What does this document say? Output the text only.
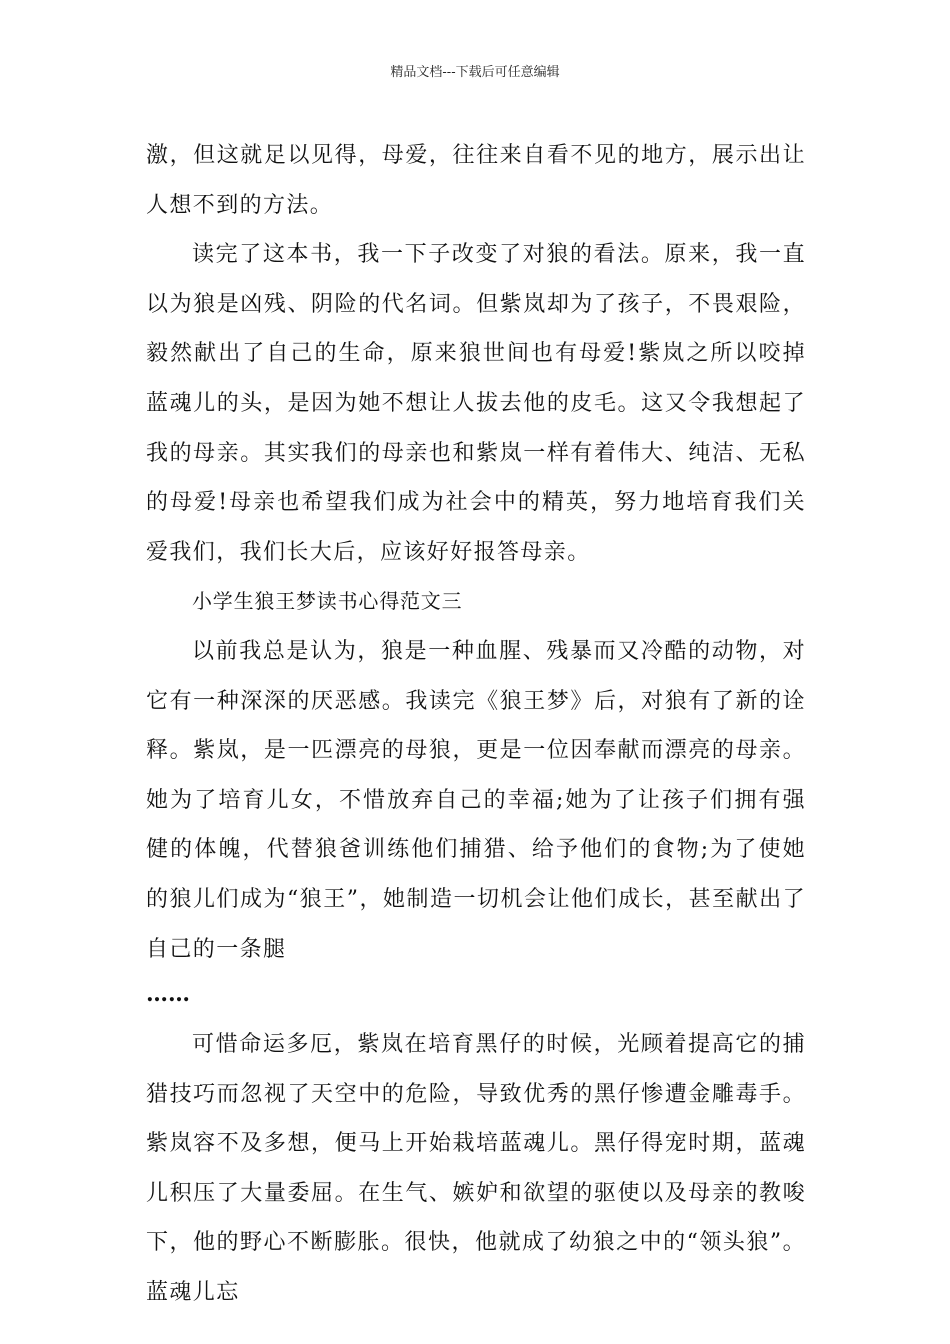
精品文档---下载后可任意编辑

激，但这就足以见得，母爱，往往来自看不见的地方，展示出让人想不到的方法。

读完了这本书，我一下子改变了对狼的看法。原来，我一直以为狼是凶残、阴险的代名词。但紫岚却为了孩子，不畏艰险，毅然献出了自己的生命，原来狼世间也有母爱!紫岚之所以咬掉蓝魂儿的头，是因为她不想让人拔去他的皮毛。这又令我想起了我的母亲。其实我们的母亲也和紫岚一样有着伟大、纯洁、无私的母爱!母亲也希望我们成为社会中的精英，努力地培育我们关爱我们，我们长大后，应该好好报答母亲。

小学生狼王梦读书心得范文三

以前我总是认为，狼是一种血腥、残暴而又冷酷的动物，对它有一种深深的厌恶感。我读完《狼王梦》后，对狼有了新的诠释。紫岚，是一匹漂亮的母狼，更是一位因奉献而漂亮的母亲。她为了培育儿女，不惜放弃自己的幸福;她为了让孩子们拥有强健的体魄，代替狼爸训练他们捕猎、给予他们的食物;为了使她的狼儿们成为“狼王”，她制造一切机会让他们成长，甚至献出了自己的一条腿

……

可惜命运多厄，紫岚在培育黑仔的时候，光顾着提高它的捕猎技巧而忽视了天空中的危险，导致优秀的黑仔惨遭金雕毒手。紫岚容不及多想，便马上开始栽培蓝魂儿。黑仔得宠时期，蓝魂儿积压了大量委屈。在生气、嫉妒和欲望的驱使以及母亲的教唆下，他的野心不断膨胀。很快，他就成了幼狼之中的“领头狼”。蓝魂儿忘
